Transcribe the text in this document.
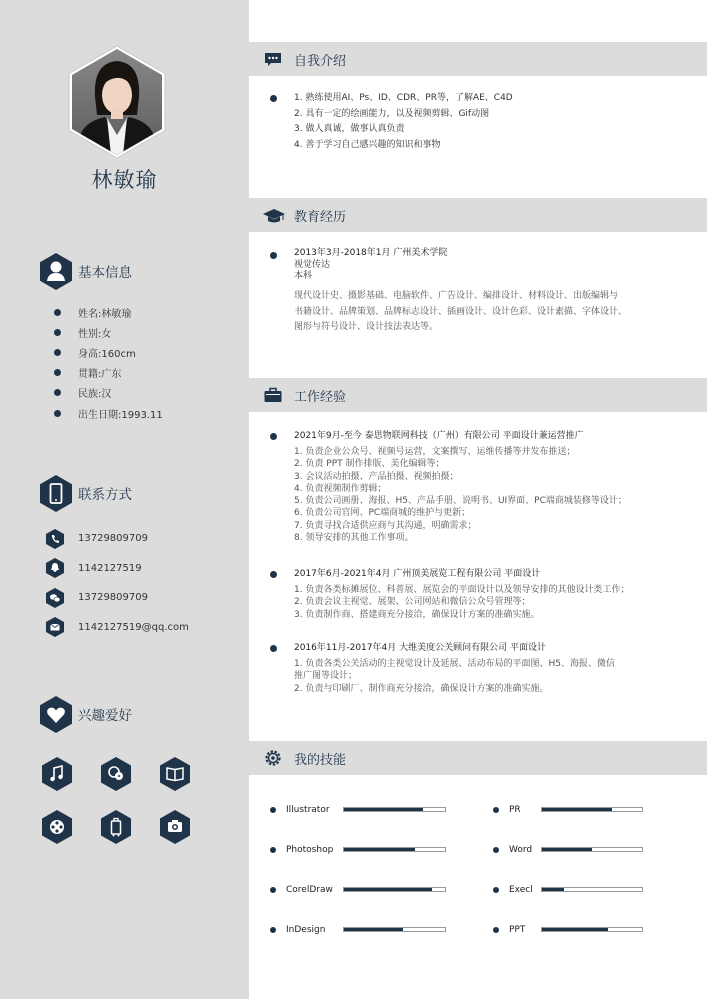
林敏瑜
基本信息
姓名:林敏瑜
性别:女
身高:160cm
贯籍:广东
民族:汉
出生日期:1993.11
联系方式
13729809709
1142127519
13729809709
1142127519@qq.com
兴趣爱好
自我介绍
1. 熟练使用AI、Ps、ID、CDR、PR等，了解AE、C4D
2. 具有一定的绘画能力，以及视频剪辑、Gif动图
3. 做人真诚，做事认真负责
4. 善于学习自己感兴趣的知识和事物
教育经历
2013年3月-2018年1月 广州美术学院
视觉传达
本科
现代设计史、摄影基础、电脑软件、广告设计、编排设计、材料设计、出版编辑与
书籍设计、品牌策划、品牌标志设计、插画设计、设计色彩、设计素描、字体设计、
图形与符号设计、设计技法表达等。
工作经验
2021年9月-至今 泰思物联网科技（广州）有限公司 平面设计兼运营推广
1. 负责企业公众号、视频号运营，文案撰写、运维传播等并发布推送；
2. 负责 PPT 制作排版、美化编辑等；
3. 会议活动拍摄、产品拍摄、视频拍摄；
4. 负责视频制作剪辑；
5. 负责公司画册、海报、H5、产品手册、说明书、UI界面、PC端商城装修等设计；
6. 负责公司官网、PC端商城的维护与更新；
7. 负责寻找合适供应商与其沟通，明确需求；
8. 领导安排的其他工作事项。
2017年6月-2021年4月 广州顶美展览工程有限公司 平面设计
1. 负责各类标摊展位、科普展、展览会的平面设计以及领导安排的其他设计类工作；
2. 负责会议主视觉、展架、公司网站和微信公众号管理等；
3. 负责制作商、搭建商充分接洽，确保设计方案的准确实施。
2016年11月-2017年4月 大维美度公关顾问有限公司 平面设计
1. 负责各类公关活动的主视觉设计及延展、活动布局的平面图、H5、海报、微信
推广图等设计；
2. 负责与印刷厂、制作商充分接洽，确保设计方案的准确实施。
我的技能
Illustrator	PR
Photoshop	Word
CorelDraw	Execl
InDesign	PPT
